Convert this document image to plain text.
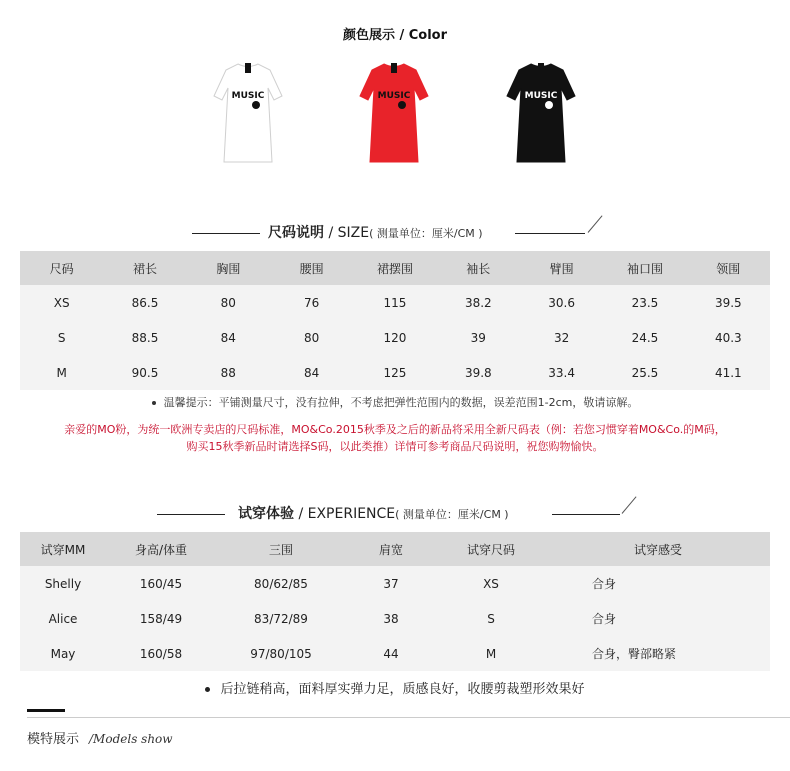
颜色展示 / Color
MUSIC	MUSIC	MUSIC
尺码说明 / SIZE( 测量单位：厘米/CM )
尺码	裙长	胸围	腰围	裙摆围	袖长	臂围	袖口围	领围
XS	86.5	80	76	115	38.2	30.6	23.5	39.5
S	88.5	84	80	120	39	32	24.5	40.3
M	90.5	88	84	125	39.8	33.4	25.5	41.1
温馨提示：平铺测量尺寸，没有拉伸，不考虑把弹性范围内的数据，误差范围1-2cm，敬请谅解。
亲爱的MO粉，为统一欧洲专卖店的尺码标准，MO&Co.2015秋季及之后的新品将采用全新尺码表（例：若您习惯穿着MO&Co.的M码，
购买15秋季新品时请选择S码，以此类推）详情可参考商品尺码说明，祝您购物愉快。
试穿体验 / EXPERIENCE( 测量单位：厘米/CM )
试穿MM	身高/体重	三围	肩宽	试穿尺码	试穿感受
Shelly	160/45	80/62/85	37	XS	合身
Alice	158/49	83/72/89	38	S	合身
May	160/58	97/80/105	44	M	合身，臀部略紧
后拉链稍高，面料厚实弹力足，质感良好，收腰剪裁塑形效果好
模特展示 /Models show
